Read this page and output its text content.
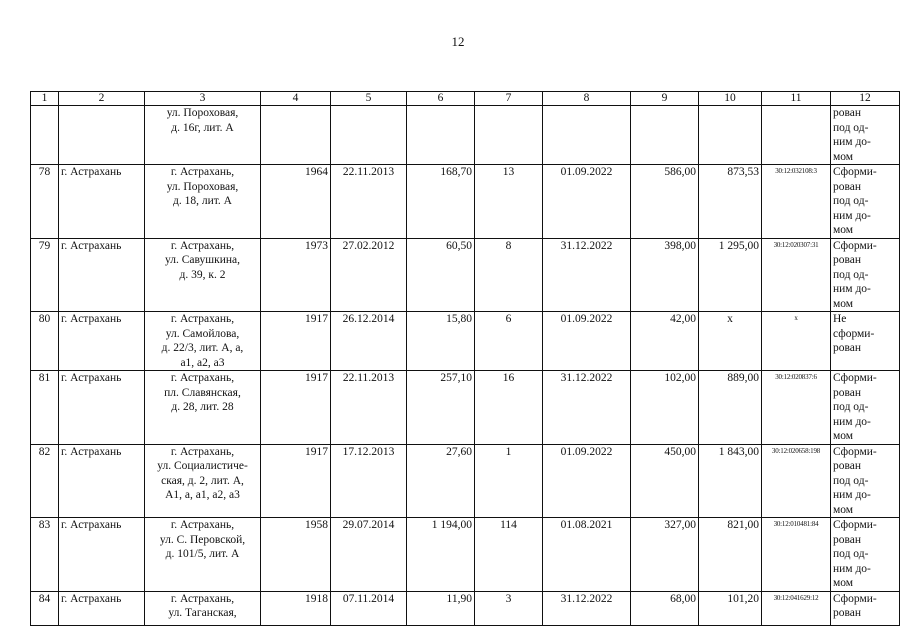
12
1	2	3	4	5	6	7	8	9	10	11	12
		ул. Пороховая,
д. 16г, лит. А									рован
под од-
ним до-
мом
78	г. Астрахань	г. Астрахань,
ул. Пороховая,
д. 18, лит. А	1964	22.11.2013	168,70	13	01.09.2022	586,00	873,53	30:12:032108:3	Сформи-
рован
под од-
ним до-
мом
79	г. Астрахань	г. Астрахань,
ул. Савушкина,
д. 39, к. 2	1973	27.02.2012	60,50	8	31.12.2022	398,00	1 295,00	30:12:020307:31	Сформи-
рован
под од-
ним до-
мом
80	г. Астрахань	г. Астрахань,
ул. Самойлова,
д. 22/3, лит. А, а,
а1, а2, а3	1917	26.12.2014	15,80	6	01.09.2022	42,00	x	x	Не
сформи-
рован
81	г. Астрахань	г. Астрахань,
пл. Славянская,
д. 28, лит. 28	1917	22.11.2013	257,10	16	31.12.2022	102,00	889,00	30:12:020837:6	Сформи-
рован
под од-
ним до-
мом
82	г. Астрахань	г. Астрахань,
ул. Социалистиче-
ская, д. 2, лит. А,
А1, а, а1, а2, а3	1917	17.12.2013	27,60	1	01.09.2022	450,00	1 843,00	30:12:020658:198	Сформи-
рован
под од-
ним до-
мом
83	г. Астрахань	г. Астрахань,
ул. С. Перовской,
д. 101/5, лит. А	1958	29.07.2014	1 194,00	114	01.08.2021	327,00	821,00	30:12:010481:84	Сформи-
рован
под од-
ним до-
мом
84	г. Астрахань	г. Астрахань,
ул. Таганская,	1918	07.11.2014	11,90	3	31.12.2022	68,00	101,20	30:12:041629:12	Сформи-
рован
